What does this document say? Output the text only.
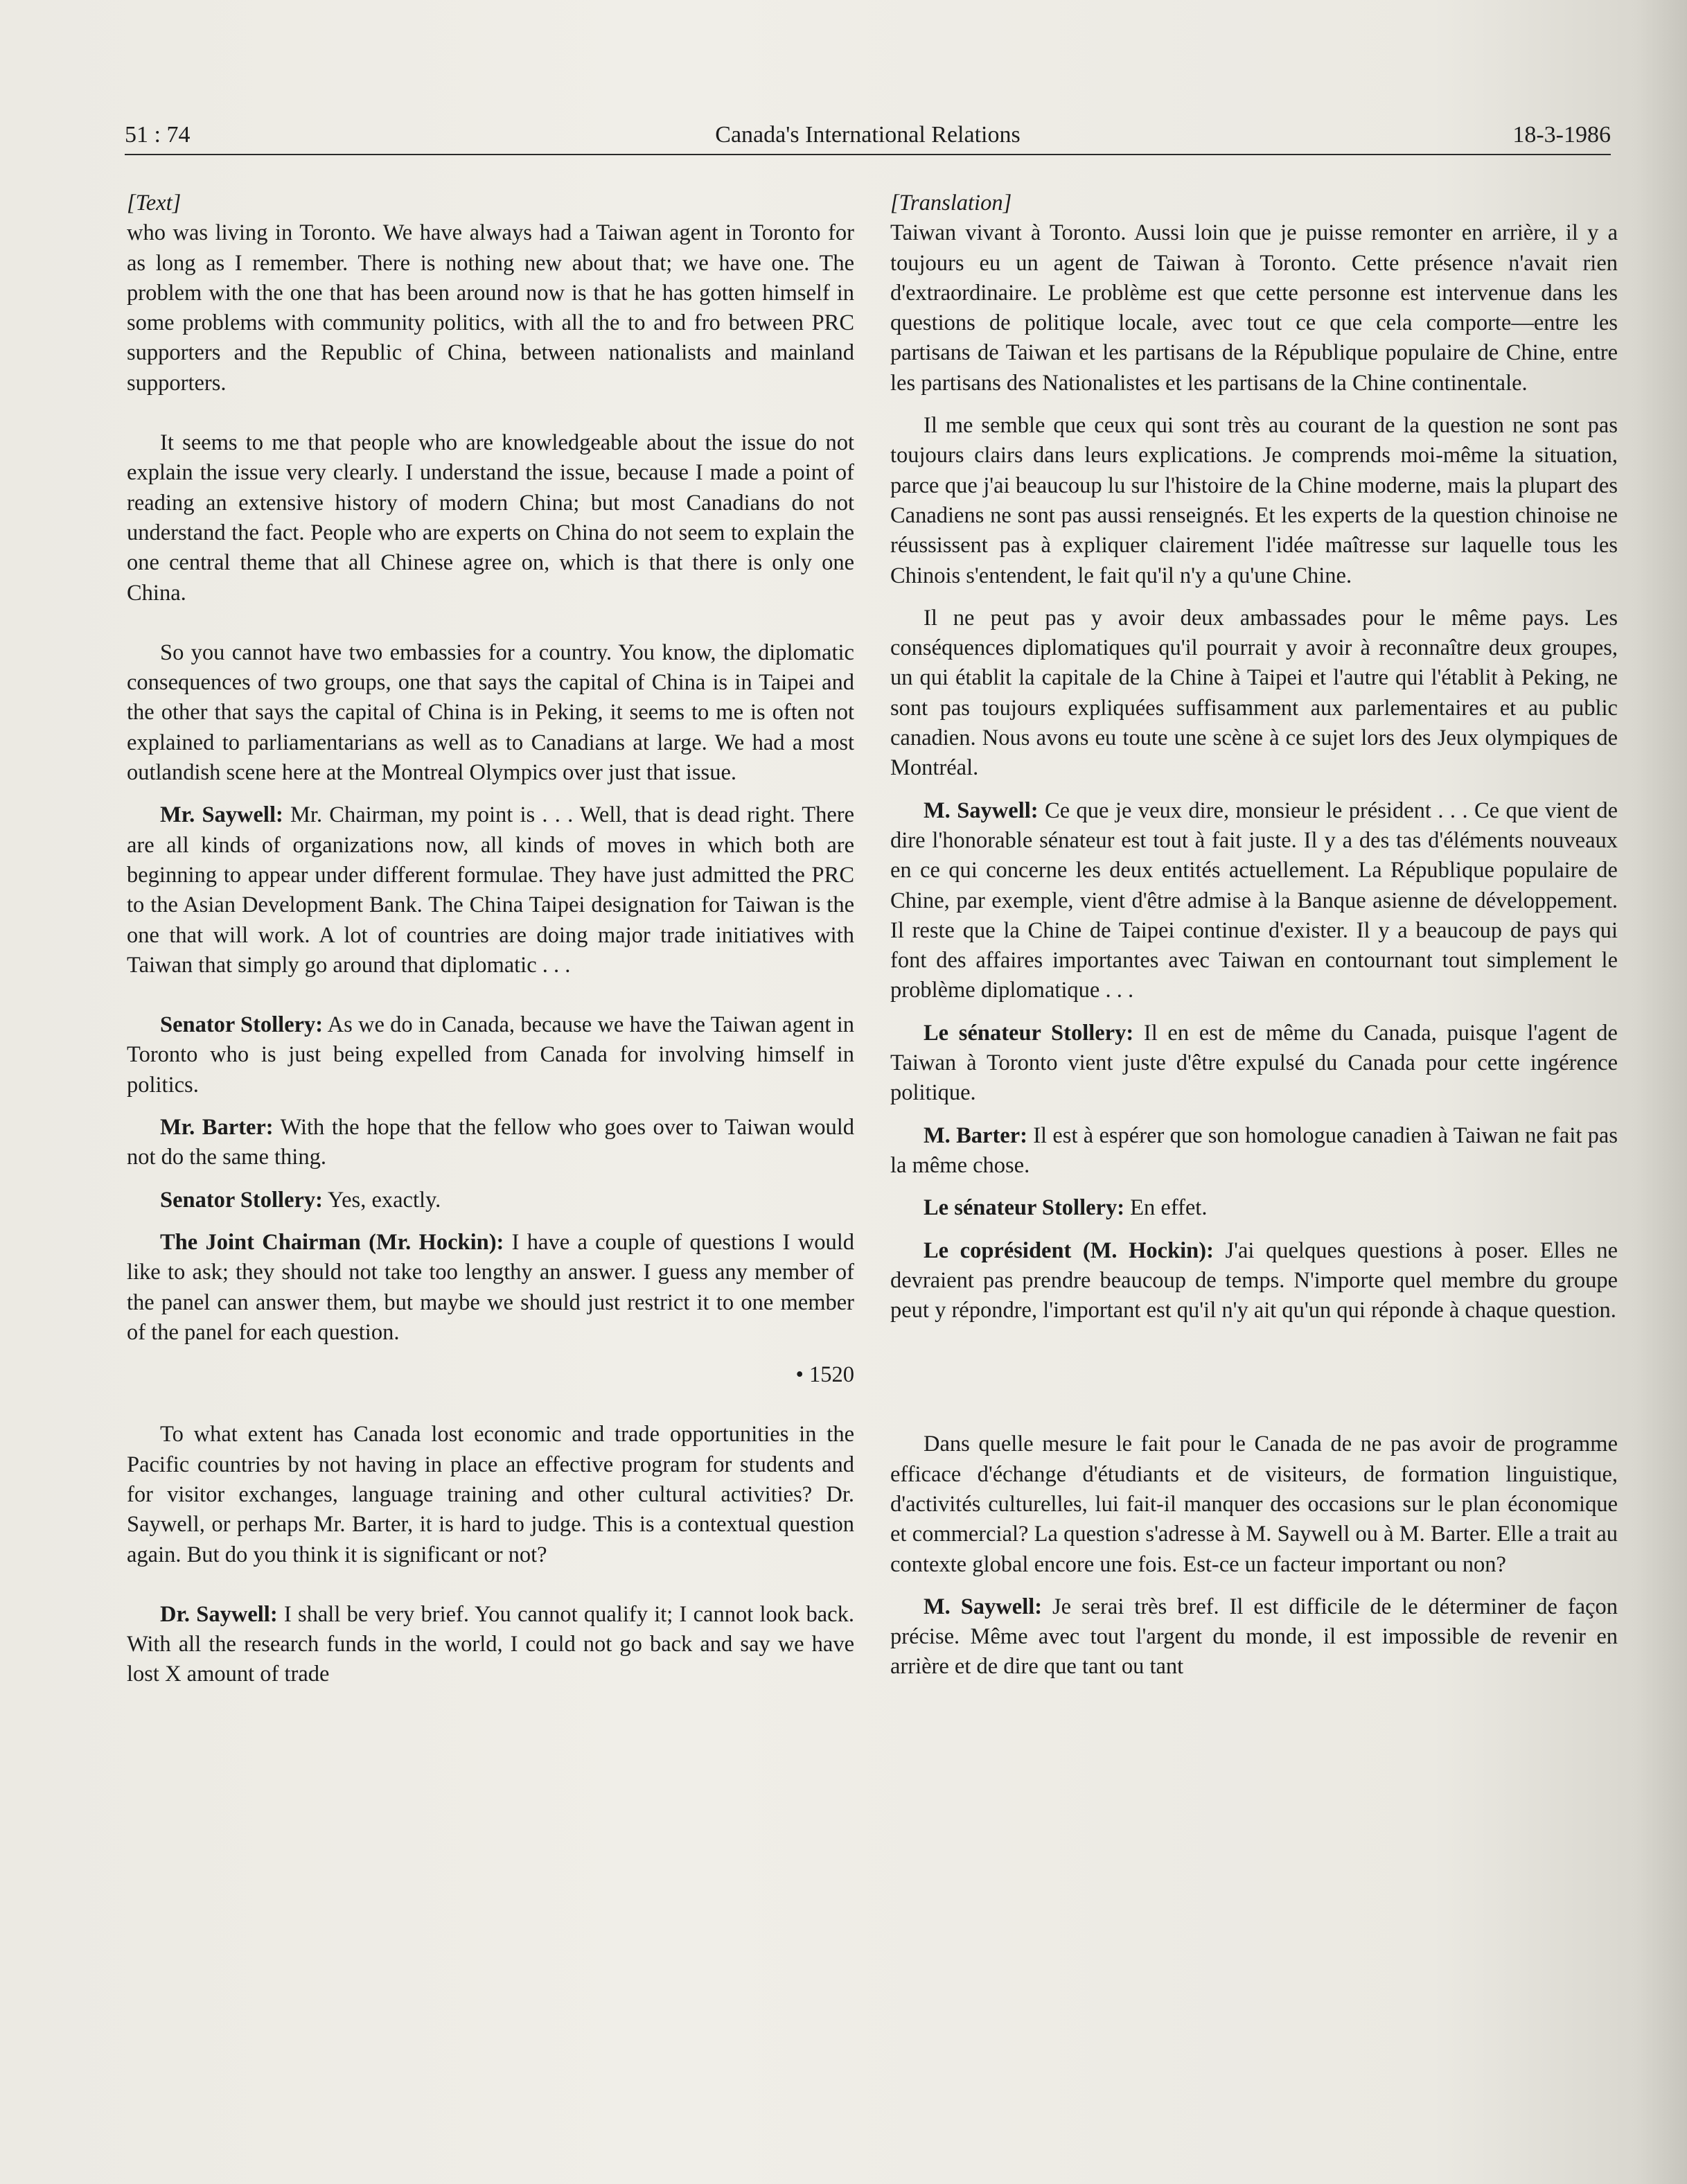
51 : 74	Canada's International Relations	18-3-1986

[Text]

who was living in Toronto. We have always had a Taiwan agent in Toronto for as long as I remember. There is nothing new about that; we have one. The problem with the one that has been around now is that he has gotten himself in some problems with community politics, with all the to and fro between PRC supporters and the Republic of China, between nationalists and mainland supporters.

It seems to me that people who are knowledgeable about the issue do not explain the issue very clearly. I understand the issue, because I made a point of reading an extensive history of modern China; but most Canadians do not understand the fact. People who are experts on China do not seem to explain the one central theme that all Chinese agree on, which is that there is only one China.

So you cannot have two embassies for a country. You know, the diplomatic consequences of two groups, one that says the capital of China is in Taipei and the other that says the capital of China is in Peking, it seems to me is often not explained to parliamentarians as well as to Canadians at large. We had a most outlandish scene here at the Montreal Olympics over just that issue.

Mr. Saywell: Mr. Chairman, my point is . . . Well, that is dead right. There are all kinds of organizations now, all kinds of moves in which both are beginning to appear under different formulae. They have just admitted the PRC to the Asian Development Bank. The China Taipei designation for Taiwan is the one that will work. A lot of countries are doing major trade initiatives with Taiwan that simply go around that diplomatic . . .

Senator Stollery: As we do in Canada, because we have the Taiwan agent in Toronto who is just being expelled from Canada for involving himself in politics.

Mr. Barter: With the hope that the fellow who goes over to Taiwan would not do the same thing.

Senator Stollery: Yes, exactly.

The Joint Chairman (Mr. Hockin): I have a couple of questions I would like to ask; they should not take too lengthy an answer. I guess any member of the panel can answer them, but maybe we should just restrict it to one member of the panel for each question.

• 1520

To what extent has Canada lost economic and trade opportunities in the Pacific countries by not having in place an effective program for students and for visitor exchanges, language training and other cultural activities? Dr. Saywell, or perhaps Mr. Barter, it is hard to judge. This is a contextual question again. But do you think it is significant or not?

Dr. Saywell: I shall be very brief. You cannot qualify it; I cannot look back. With all the research funds in the world, I could not go back and say we have lost X amount of trade

[Translation]

Taiwan vivant à Toronto. Aussi loin que je puisse remonter en arrière, il y a toujours eu un agent de Taiwan à Toronto. Cette présence n'avait rien d'extraordinaire. Le problème est que cette personne est intervenue dans les questions de politique locale, avec tout ce que cela comporte—entre les partisans de Taiwan et les partisans de la République populaire de Chine, entre les partisans des Nationalistes et les partisans de la Chine continentale.

Il me semble que ceux qui sont très au courant de la question ne sont pas toujours clairs dans leurs explications. Je comprends moi-même la situation, parce que j'ai beaucoup lu sur l'histoire de la Chine moderne, mais la plupart des Canadiens ne sont pas aussi renseignés. Et les experts de la question chinoise ne réussissent pas à expliquer clairement l'idée maîtresse sur laquelle tous les Chinois s'entendent, le fait qu'il n'y a qu'une Chine.

Il ne peut pas y avoir deux ambassades pour le même pays. Les conséquences diplomatiques qu'il pourrait y avoir à reconnaître deux groupes, un qui établit la capitale de la Chine à Taipei et l'autre qui l'établit à Peking, ne sont pas toujours expliquées suffisamment aux parlementaires et au public canadien. Nous avons eu toute une scène à ce sujet lors des Jeux olympiques de Montréal.

M. Saywell: Ce que je veux dire, monsieur le président . . . Ce que vient de dire l'honorable sénateur est tout à fait juste. Il y a des tas d'éléments nouveaux en ce qui concerne les deux entités actuellement. La République populaire de Chine, par exemple, vient d'être admise à la Banque asienne de développement. Il reste que la Chine de Taipei continue d'exister. Il y a beaucoup de pays qui font des affaires importantes avec Taiwan en contournant tout simplement le problème diplomatique . . .

Le sénateur Stollery: Il en est de même du Canada, puisque l'agent de Taiwan à Toronto vient juste d'être expulsé du Canada pour cette ingérence politique.

M. Barter: Il est à espérer que son homologue canadien à Taiwan ne fait pas la même chose.

Le sénateur Stollery: En effet.

Le coprésident (M. Hockin): J'ai quelques questions à poser. Elles ne devraient pas prendre beaucoup de temps. N'importe quel membre du groupe peut y répondre, l'important est qu'il n'y ait qu'un qui réponde à chaque question.

Dans quelle mesure le fait pour le Canada de ne pas avoir de programme efficace d'échange d'étudiants et de visiteurs, de formation linguistique, d'activités culturelles, lui fait-il manquer des occasions sur le plan économique et commercial? La question s'adresse à M. Saywell ou à M. Barter. Elle a trait au contexte global encore une fois. Est-ce un facteur important ou non?

M. Saywell: Je serai très bref. Il est difficile de le déterminer de façon précise. Même avec tout l'argent du monde, il est impossible de revenir en arrière et de dire que tant ou tant
